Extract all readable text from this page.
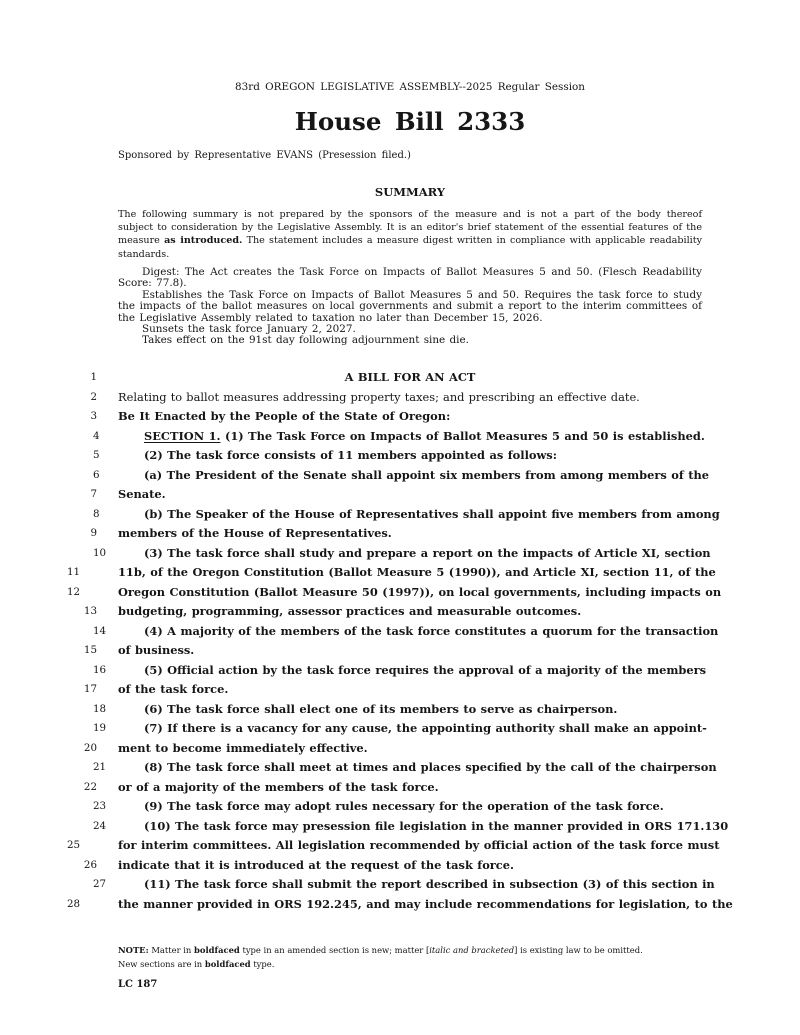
83rd OREGON LEGISLATIVE ASSEMBLY--2025 Regular Session
House Bill 2333
Sponsored by Representative EVANS (Presession filed.)
SUMMARY
The following summary is not prepared by the sponsors of the measure and is not a part of the body thereof subject to consideration by the Legislative Assembly. It is an editor's brief statement of the essential features of the measure as introduced. The statement includes a measure digest written in compliance with applicable readability standards.
Digest: The Act creates the Task Force on Impacts of Ballot Measures 5 and 50. (Flesch Readability Score: 77.8).
Establishes the Task Force on Impacts of Ballot Measures 5 and 50. Requires the task force to study the impacts of the ballot measures on local governments and submit a report to the interim committees of the Legislative Assembly related to taxation no later than December 15, 2026.
Sunsets the task force January 2, 2027.
Takes effect on the 91st day following adjournment sine die.
1	A BILL FOR AN ACT
2 Relating to ballot measures addressing property taxes; and prescribing an effective date.
3 Be It Enacted by the People of the State of Oregon:
4	SECTION 1. (1) The Task Force on Impacts of Ballot Measures 5 and 50 is established.
5	(2) The task force consists of 11 members appointed as follows:
6	(a) The President of the Senate shall appoint six members from among members of the
7 Senate.
8	(b) The Speaker of the House of Representatives shall appoint five members from among
9 members of the House of Representatives.
10	(3) The task force shall study and prepare a report on the impacts of Article XI, section
11	11b, of the Oregon Constitution (Ballot Measure 5 (1990)), and Article XI, section 11, of the
12	Oregon Constitution (Ballot Measure 50 (1997)), on local governments, including impacts on
13 budgeting, programming, assessor practices and measurable outcomes.
14	(4) A majority of the members of the task force constitutes a quorum for the transaction
15 of business.
16	(5) Official action by the task force requires the approval of a majority of the members
17 of the task force.
18	(6) The task force shall elect one of its members to serve as chairperson.
19	(7) If there is a vacancy for any cause, the appointing authority shall make an appoint-
20 ment to become immediately effective.
21	(8) The task force shall meet at times and places specified by the call of the chairperson
22 or of a majority of the members of the task force.
23	(9) The task force may adopt rules necessary for the operation of the task force.
24	(10) The task force may presession file legislation in the manner provided in ORS 171.130
25	for interim committees. All legislation recommended by official action of the task force must
26 indicate that it is introduced at the request of the task force.
27	(11) The task force shall submit the report described in subsection (3) of this section in
28	the manner provided in ORS 192.245, and may include recommendations for legislation, to the
NOTE: Matter in boldfaced type in an amended section is new; matter [italic and bracketed] is existing law to be omitted.
New sections are in boldfaced type.
LC 187
